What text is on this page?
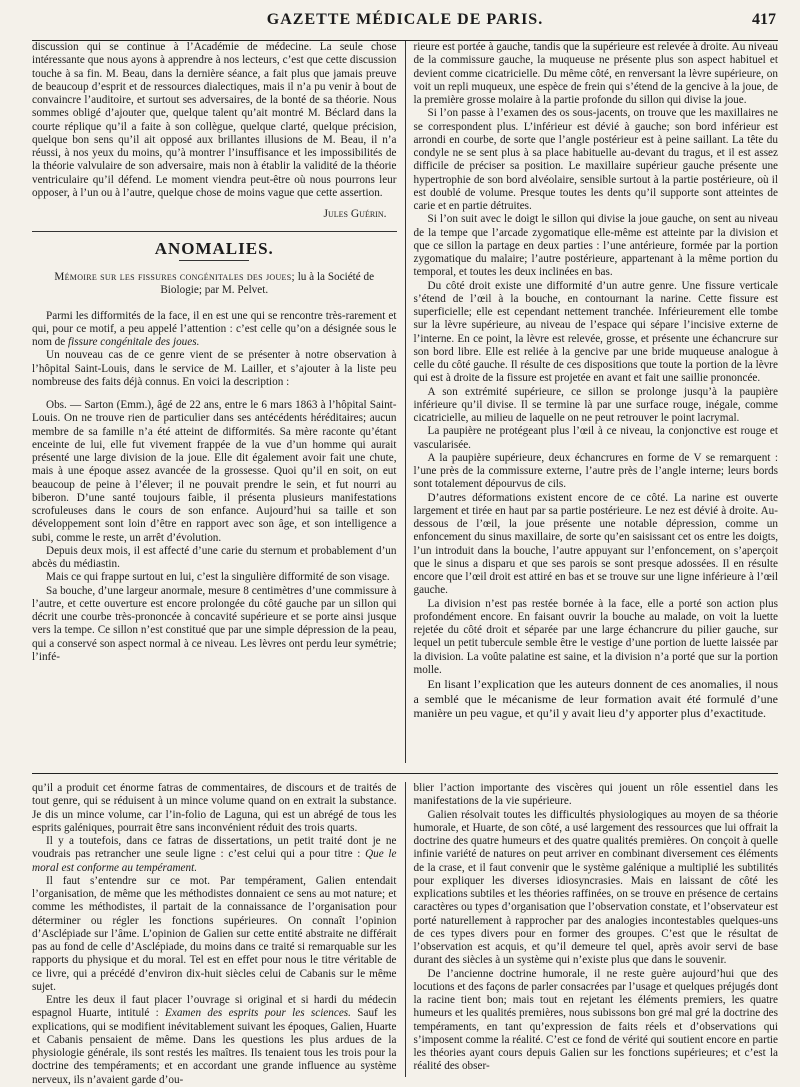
GAZETTE MÉDICALE DE PARIS.	417

discussion qui se continue à l’Académie de médecine. La seule chose intéressante que nous ayons à apprendre à nos lecteurs, c’est que cette discussion touche à sa fin. M. Beau, dans la dernière séance, a fait plus que jamais preuve de beaucoup d’esprit et de ressources dialectiques, mais il n’a pu venir à bout de convaincre l’auditoire, et surtout ses adversaires, de la bonté de sa théorie. Nous sommes obligé d’ajouter que, quelque talent qu’ait montré M. Béclard dans la courte réplique qu’il a faite à son collègue, quelque clarté, quelque précision, quelque bon sens qu’il ait opposé aux brillantes illusions de M. Beau, il n’a réussi, à nos yeux du moins, qu’à montrer l’insuffisance et les impossibilités de la théorie valvulaire de son adversaire, mais non à établir la validité de la théorie ventriculaire qu’il défend. Le moment viendra peut-être où nous pourrons leur opposer, à l’un ou à l’autre, quelque chose de moins vague que cette assertion.

Jules Guérin.
ANOMALIES.
Mémoire sur les fissures congénitales des joues; lu à la Société de Biologie; par M. Pelvet.

Parmi les difformités de la face, il en est une qui se rencontre très-rarement et qui, pour ce motif, a peu appelé l’attention : c’est celle qu’on a désignée sous le nom de fissure congénitale des joues.

Un nouveau cas de ce genre vient de se présenter à notre observation à l’hôpital Saint-Louis, dans le service de M. Lailler, et s’ajouter à la liste peu nombreuse des faits déjà connus. En voici la description :

Obs. — Sarton (Emm.), âgé de 22 ans, entre le 6 mars 1863 à l’hôpital Saint-Louis. On ne trouve rien de particulier dans ses antécédents héréditaires; aucun membre de sa famille n’a été atteint de difformités. Sa mère raconte qu’étant enceinte de lui, elle fut vivement frappée de la vue d’un homme qui aurait présenté une large division de la joue. Elle dit également avoir fait une chute, mais à une époque assez avancée de la grossesse. Quoi qu’il en soit, on eut beaucoup de peine à l’élever; il ne pouvait prendre le sein, et fut nourri au biberon. D’une santé toujours faible, il présenta plusieurs manifestations scrofuleuses dans le cours de son enfance. Aujourd’hui sa taille et son développement sont loin d’être en rapport avec son âge, et son intelligence a subi, comme le reste, un arrêt d’évolution.

Depuis deux mois, il est affecté d’une carie du sternum et probablement d’un abcès du médiastin.

Mais ce qui frappe surtout en lui, c’est la singulière difformité de son visage.

Sa bouche, d’une largeur anormale, mesure 8 centimètres d’une commissure à l’autre, et cette ouverture est encore prolongée du côté gauche par un sillon qui décrit une courbe très-prononcée à concavité supérieure et se porte ainsi jusque vers la tempe. Ce sillon n’est constitué que par une simple dépression de la peau, qui a conservé son aspect normal à ce niveau. Les lèvres ont perdu leur symétrie; l’infé-

rieure est portée à gauche, tandis que la supérieure est relevée à droite. Au niveau de la commissure gauche, la muqueuse ne présente plus son aspect habituel et devient comme cicatricielle. Du même côté, en renversant la lèvre supérieure, on voit un repli muqueux, une espèce de frein qui s’étend de la gencive à la joue, de la première grosse molaire à la partie profonde du sillon qui divise la joue.

Si l’on passe à l’examen des os sous-jacents, on trouve que les maxillaires ne se correspondent plus. L’inférieur est dévié à gauche; son bord inférieur est arrondi en courbe, de sorte que l’angle postérieur est à peine saillant. La tête du condyle ne se sent plus à sa place habituelle au-devant du tragus, et il est assez difficile de préciser sa position. Le maxillaire supérieur gauche présente une hypertrophie de son bord alvéolaire, sensible surtout à la partie postérieure, où il est doublé de volume. Presque toutes les dents qu’il supporte sont atteintes de carie et en partie détruites.

Si l’on suit avec le doigt le sillon qui divise la joue gauche, on sent au niveau de la tempe que l’arcade zygomatique elle-même est atteinte par la division et que ce sillon la partage en deux parties : l’une antérieure, formée par la portion zygomatique du malaire; l’autre postérieure, appartenant à la même portion du temporal, et toutes les deux inclinées en bas.

Du côté droit existe une difformité d’un autre genre. Une fissure verticale s’étend de l’œil à la bouche, en contournant la narine. Cette fissure est superficielle; elle est cependant nettement tranchée. Inférieurement elle tombe sur la lèvre supérieure, au niveau de l’espace qui sépare l’incisive externe de l’interne. En ce point, la lèvre est relevée, grosse, et présente une échancrure sur son bord libre. Elle est reliée à la gencive par une bride muqueuse analogue à celle du côté gauche. Il résulte de ces dispositions que toute la portion de la lèvre qui est à droite de la fissure est projetée en avant et fait une saillie prononcée.

A son extrémité supérieure, ce sillon se prolonge jusqu’à la paupière inférieure qu’il divise. Il se termine là par une surface rouge, inégale, comme cicatricielle, au milieu de laquelle on ne peut retrouver le point lacrymal.

La paupière ne protégeant plus l’œil à ce niveau, la conjonctive est rouge et vascularisée.

A la paupière supérieure, deux échancrures en forme de V se remarquent : l’une près de la commissure externe, l’autre près de l’angle interne; leurs bords sont totalement dépourvus de cils.

D’autres déformations existent encore de ce côté. La narine est ouverte largement et tirée en haut par sa partie postérieure. Le nez est dévié à droite. Au-dessous de l’œil, la joue présente une notable dépression, comme un enfoncement du sinus maxillaire, de sorte qu’en saisissant cet os entre les doigts, l’un introduit dans la bouche, l’autre appuyant sur l’enfoncement, on s’aperçoit que le sinus a disparu et que ses parois se sont presque adossées. Il en résulte encore que l’œil droit est attiré en bas et se trouve sur une ligne inférieure à l’œil gauche.

La division n’est pas restée bornée à la face, elle a porté son action plus profondément encore. En faisant ouvrir la bouche au malade, on voit la luette rejetée du côté droit et séparée par une large échancrure du pilier gauche, sur lequel un petit tubercule semble être le vestige d’une portion de luette laissée par la division. La voûte palatine est saine, et la division n’a porté que sur la portion molle.

En lisant l’explication que les auteurs donnent de ces anomalies, il nous a semblé que le mécanisme de leur formation avait été formulé d’une manière un peu vague, et qu’il y avait lieu d’y apporter plus d’exactitude.

qu’il a produit cet énorme fatras de commentaires, de discours et de traités de tout genre, qui se réduisent à un mince volume quand on en extrait la substance. Je dis un mince volume, car l’in-folio de Laguna, qui est un abrégé de tous les esprits galéniques, pourrait être sans inconvénient réduit des trois quarts.

Il y a toutefois, dans ce fatras de dissertations, un petit traité dont je ne voudrais pas retrancher une seule ligne : c’est celui qui a pour titre : Que le moral est conforme au tempérament.

Il faut s’entendre sur ce mot. Par tempérament, Galien entendait l’organisation, de même que les méthodistes donnaient ce sens au mot nature; et comme les méthodistes, il partait de la connaissance de l’organisation pour déterminer ou régler les fonctions supérieures. On connaît l’opinion d’Asclépiade sur l’âme. L’opinion de Galien sur cette entité abstraite ne différait pas au fond de celle d’Asclépiade, du moins dans ce traité si remarquable sur les rapports du physique et du moral. Tel est en effet pour nous le titre véritable de ce livre, qui a précédé d’environ dix-huit siècles celui de Cabanis sur le même sujet.

Entre les deux il faut placer l’ouvrage si original et si hardi du médecin espagnol Huarte, intitulé : Examen des esprits pour les sciences. Sauf les explications, qui se modifient inévitablement suivant les époques, Galien, Huarte et Cabanis pensaient de même. Dans les questions les plus ardues de la physiologie générale, ils sont restés les maîtres. Ils tenaient tous les trois pour la doctrine des tempéraments; et en accordant une grande influence au système nerveux, ils n’avaient garde d’ou-

blier l’action importante des viscères qui jouent un rôle essentiel dans les manifestations de la vie supérieure.

Galien résolvait toutes les difficultés physiologiques au moyen de sa théorie humorale, et Huarte, de son côté, a usé largement des ressources que lui offrait la doctrine des quatre humeurs et des quatre qualités premières. On conçoit à quelle infinie variété de natures on peut arriver en combinant diversement ces éléments de la crase, et il faut convenir que le système galénique a multiplié les subtilités pour expliquer les diverses idiosyncrasies. Mais en laissant de côté les explications subtiles et les théories raffinées, on se trouve en présence de certains caractères ou types d’organisation que l’observation constate, et l’observateur est porté naturellement à rapprocher par des analogies incontestables quelques-uns de ces types divers pour en former des groupes. C’est que le résultat de l’observation est acquis, et qu’il demeure tel quel, après avoir servi de base durant des siècles à un système qui n’existe plus que dans le souvenir.

De l’ancienne doctrine humorale, il ne reste guère aujourd’hui que des locutions et des façons de parler consacrées par l’usage et quelques préjugés dont la racine tient bon; mais tout en rejetant les éléments premiers, les quatre humeurs et les qualités premières, nous subissons bon gré mal gré la doctrine des tempéraments, en tant qu’expression de faits réels et d’observations qui s’imposent comme la réalité. C’est ce fond de vérité qui soutient encore en partie les théories ayant cours depuis Galien sur les fonctions supérieures; et c’est la réalité des obser-
